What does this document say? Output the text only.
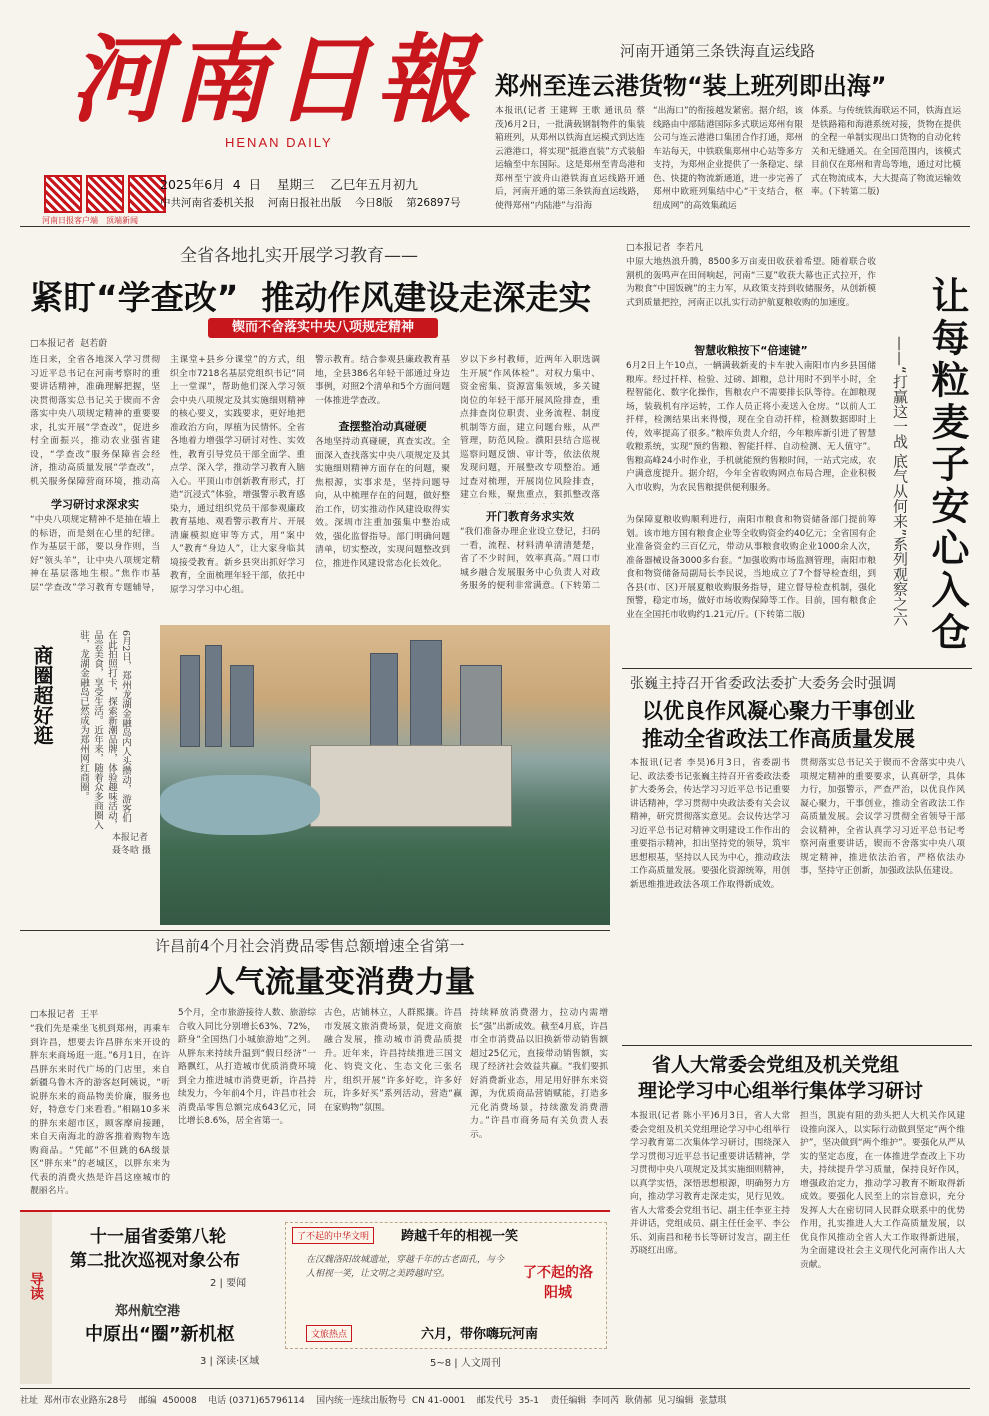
河南日報
HENAN DAILY
河南日报客户端 顶端新闻
2025年6月  4  日    星期三    乙巳年五月初九
中共河南省委机关报    河南日报社出版    今日8版    第26897号
河南开通第三条铁海直运线路
郑州至连云港货物“装上班列即出海”
本报讯(记者 王建辉 王歌 通讯员 蔡茂)6月2日，一批满载钢制物件的集装箱班列，从郑州以铁海直运模式到达连云港港口，将实现“抵港直装”方式装船运输至中东国际。这是郑州至青岛港和郑州至宁波舟山港铁海直运线路开通后，河南开通的第三条铁海直运线路，使得郑州“内陆港”与沿海
“出海口”的衔接越发紧密。据介绍，该线路由中部陆港国际多式联运郑州有限公司与连云港港口集团合作打通，郑州车站每天，中铁联集郑州中心站等多方支持，为郑州企业提供了一条稳定、绿色、快捷的物流新通道，进一步完善了郑州中欧班列集结中心“干支结合，枢纽成网”的高效集疏运
体系。与传统铁海联运不同，铁海直运是铁路箱和海港系统对接，货物在提供的全程一单制实现出口货物的自动化转关和无缝通关。在全国范围内，该模式目前仅在郑州和青岛等地，通过对比模式在物流成本，大大提高了物流运输效率。(下转第二版)
全省各地扎实开展学习教育——
紧盯“学查改”  推动作风建设走深走实
锲而不舍落实中央八项规定精神
□本报记者  赵若蔚
连日来，全省各地深入学习贯彻习近平总书记在河南考察时的重要讲话精神，准确理解把握，坚决贯彻落实总书记关于锲而不舍落实中央八项规定精神的重要要求，扎实开展“学查改”，促进乡村全面振兴，推动农业强省建设，“学查改”服务保障省会经济，推动高质量发展“学查改”，机关服务保障营商环境，推动高
学习研讨求深求实
“中央八项规定精神不是抽在墙上的标语，而是刻在心里的纪律。作为基层干部，要以身作则，当好“领头羊”，让中央八项规定精神在基层落地生根。”焦作市基层“学查改”学习教育专题辅导，
主课堂+县乡分课堂”的方式，组织全市7218名基层党组织书记“同上一堂课”，帮助他们深入学习领会中央八项规定及其实施细则精神的核心要义，实践要求，更好地把准政治方向，厚植为民情怀。全省各地着力增强学习研讨对性、实效性，教育引导党员干部全面学、重点学、深入学，推动学习教育入脑入心。平顶山市创新教育形式，打造“沉浸式”体验，增强警示教育感染力，通过组织党员干部参观廉政教育基地、观看警示教育片、开展清廉模拟庭审等方式，用“案中人”教育“身边人”，让大家身临其境接受教育。新乡县突出抓好学习教育，全面梳理年轻干部，依托中原学习学习中心组。
警示教育。结合参观县廉政教育基地，全县386名年轻干部通过身边事例，对照2个清单和5个方面问题一体推进学查改。
查摆整治动真碰硬
各地坚持动真碰硬，真查实改。全面深入查找落实中央八项规定及其实施细则精神方面存在的问题，聚焦根源，实事求是，坚持问题导向，从中梳理存在的问题，做好整治工作，切实推动作风建设取得实效。深圳市注重加强集中整治成效，强化监督指导。部门明确问题清单，切实整改，实现问题整改到位，推进作风建设常态化长效化。
岁以下乡村教师，近两年入职选调生开展“作风体检”。对权力集中、资金密集、资源富集领域，多关键岗位的年轻干部开展风险排查，重点排查岗位职责、业务流程、制度机制等方面，建立问题台账，从严管理，防范风险。濮阳县结合巡视巡察问题反馈、审计等，依法依规发现问题，开展整改专项整治。通过查对梳理，开展岗位风险排查，建立台账，聚焦重点，狠抓整改落
开门教育务求实效
“我们准备办理企业设立登记，扫码一看，流程、材料清单清清楚楚，省了不少时间，效率真高。”周口市城乡融合发展服务中心负责人对政务服务的便利非常满意。(下转第二
商圈超好逛	6月2日，郑州龙湖金融岛内人头攒动，游客们在此拍照打卡，探索新潮品牌，体验趣味活动，品尝美食，享受生活。近年来，随着众多商圈入驻，龙湖金融岛已然成为郑州网红商圈。
本报记者 聂冬晗 摄
许昌前4个月社会消费品零售总额增速全省第一
人气流量变消费力量
□本报记者  王平
“我们先是乘坐飞机到郑州，再乘车到许昌，想要去许昌胖东来开设的胖东来商场逛一逛。”6月1日，在许昌胖东来时代广场的门店里，来自新疆乌鲁木齐的游客赵阿姨说，“听说胖东来的商品物美价廉，服务也好，特意专门来看看。”相隔10多米的胖东来超市区，顾客摩肩接踵，来自天南海北的游客推着购物车选购商品。“凭邮”不但跳的6A级景区“胖东来”的老城区，以胖东来为代表的消费火热是许昌这座城市的靓丽名片。
5个月，全市旅游接待人数、旅游综合收入同比分别增长63%、72%，跻身“全国热门小城旅游地”之列。从胖东来持续升温到“假日经济”一路飘红，从打造城市优质消费环境到全力推进城市消费更新，许昌持续发力，今年前4个月，许昌市社会消费品零售总额完成643亿元，同比增长8.6%，居全省第一。
古色，店铺林立，人群熙攘。许昌市发展文旅消费场景，促进文商旅融合发展，推动城市消费品质提升。近年来，许昌持续推进三国文化、钧瓷文化、生态文化三张名片，组织开展“许多好吃，许多好玩，许多好买”系列活动，营造“赢在家购物”氛围。
持续释放消费潜力，拉动内需增长“强”出新成效。截至4月底，许昌市全市消费品以旧换新带动销售额超过25亿元，直接带动销售额，实现了经济社会效益共赢。“我们要抓好消费新业态，用足用好胖东来资源，为优质商品营销赋能，打造多元化消费场景，持续激发消费潜力。”许昌市商务局有关负责人表示。
□本报记者  李若凡
中原大地热浪升腾，8500多万亩麦田收获着希望。随着联合收割机的轰鸣声在田间响起，河南“三夏”收获大幕也正式拉开，作为粮食“中国饭碗”的主力军，从政策支持到收储服务，从创新模式到质量把控，河南正以扎实行动护航夏粮收购的加速度。
智慧收粮按下“倍速键”
6月2日上午10点，一辆满载新麦的卡车驶入南阳市内乡县国储粮库。经过扦样、检验、过磅、卸粮，总计用时不到半小时，全程智能化、数字化操作，售粮农户不需要排长队等待。在卸粮现场，装载机有序运转，工作人员正将小麦送入仓房。“以前人工扦样，检测结果出来得慢，现在全自动扦样，检测数据即时上传，效率提高了很多。”粮库负责人介绍，今年粮库新引进了智慧收粮系统，实现“预约售粮、智能扦样、自动检测、无人值守”。售粮高峰24小时作业，手机就能预约售粮时间，一站式完成，农户满意度提升。据介绍，今年全省收购网点布局合理，企业积极入市收购，为农民售粮提供便利服务。
为保障夏粮收购顺利进行，南阳市粮食和物资储备部门提前筹划。该市地方国有粮食企业等全收购资金约40亿元；全省国有企业准备资金约三百亿元，带动从事粮食收购企业1000余人次，准备器械设备3000多台套。“加强收购市场监测管理，南阳市粮食和物资储备局副局长李民说，当地成立了7个督导检查组，到各县(市、区)开展夏粮收购服务指导，建立督导检查机制，强化预警，稳定市场，做好市场收购保障等工作。目前，国有粮食企业在全国托市收购约1.21元/斤。(下转第二版)	让每粒麦子安心入仓
——“打赢这一战 底气从何来”系列观察之六
张巍主持召开省委政法委扩大委务会时强调
以优良作风凝心聚力干事创业
推动全省政法工作高质量发展
本报讯(记者 李昊)6月3日，省委副书记、政法委书记张巍主持召开省委政法委扩大委务会，传达学习习近平总书记重要讲话精神，学习贯彻中央政法委有关会议精神，研究贯彻落实意见。会议传达学习习近平总书记对精神文明建设工作作出的重要指示精神，扣出坚持党的领导，筑牢思想根基，坚持以人民为中心，推动政法工作高质量发展。要强化资源统筹，用创新思维推进政法各项工作取得新成效。
贯彻落实总书记关于锲而不舍落实中央八项规定精神的重要要求，认真研学，具体力行，加强警示，严查严治，以优良作风凝心聚力，干事创业，推动全省政法工作高质量发展。会议学习贯彻全省领导干部会议精神，全省认真学习习近平总书记考察河南重要讲话，锲而不舍落实中央八项规定精神，推进依法治省，严格依法办事，坚持守正创新，加强政法队伍建设。
省人大常委会党组及机关党组
理论学习中心组举行集体学习研讨
本报讯(记者 陈小平)6月3日，省人大常委会党组及机关党组理论学习中心组举行学习教育第二次集体学习研讨，围绕深入学习贯彻习近平总书记重要讲话精神，学习贯彻中央八项规定及其实施细则精神，以真学实悟，深悟思想根源，明确努力方向，推动学习教育走深走实，见行见效。省人大常委会党组书记、副主任李亚主持并讲话，党组成员、副主任任金平、李公乐、刘南昌和秘书长等研讨发言，副主任苏晓红出席。
担当，凯旋有阻的劲头把人大机关作风建设推向深入，以实际行动做到坚定“两个维护”，坚决做到“两个维护”。要强化从严从实的坚定态度，在一体推进学查改上下功夫，持续提升学习质量，保持良好作风，增强政治定力，推动学习教育不断取得新成效。要强化人民至上的宗旨意识，充分发挥人大在密切同人民群众联系中的优势作用，扎实推进人大工作高质量发展，以优良作风推动全省人大工作取得新进展，为全面建设社会主义现代化河南作出人大贡献。
导读
十一届省委第八轮
第二批次巡视对象公布
2 | 要闻
郑州航空港
中原出“圈”新机枢
3 | 深读·区域
了不起的中华文明	跨越千年的相视一笑
在汉魏洛阳故城遗址，穿越千年的古老面孔，与今人相视一笑，让文明之美跨越时空。	了不起的洛阳城
文旅热点	六月，带你嗨玩河南
5~8 | 人文周刊
社址  郑州市农业路东28号    邮编  450008    电话 (0371)65796114    国内统一连续出版物号  CN 41-0001    邮发代号  35-1    责任编辑  李同芮  耿倩郝  见习编辑  张慧琪
